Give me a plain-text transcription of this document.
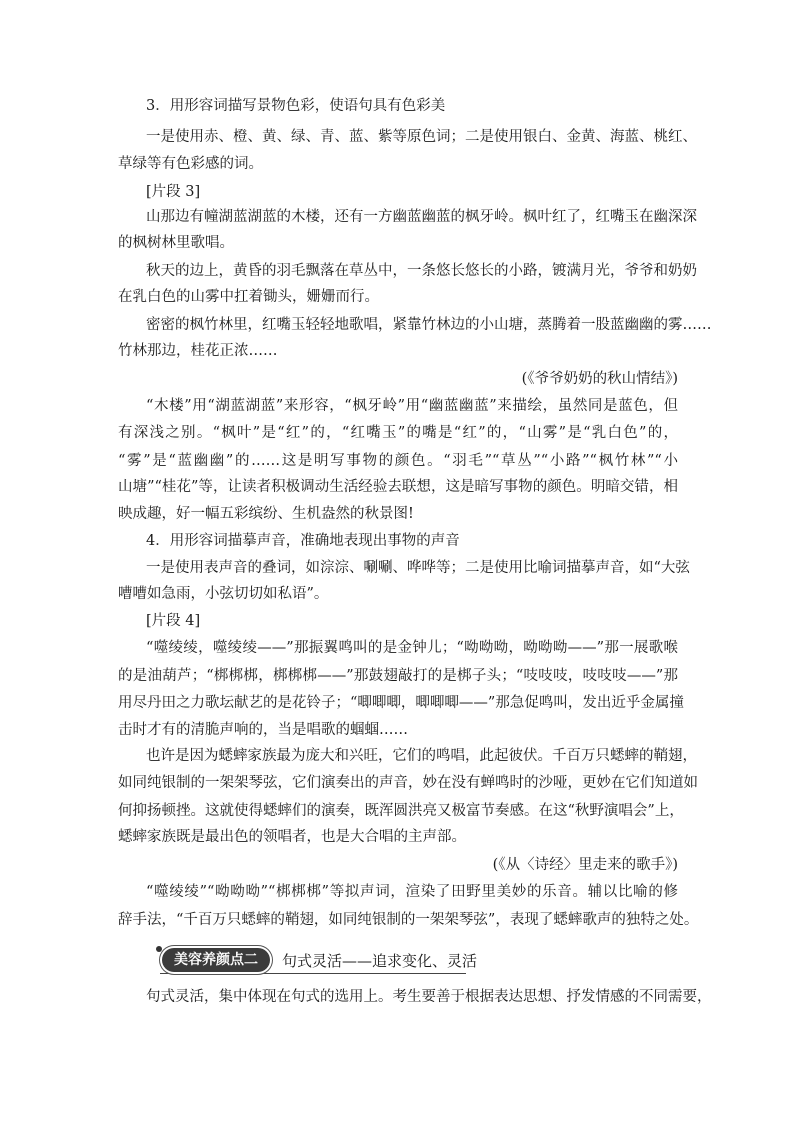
3．用形容词描写景物色彩，使语句具有色彩美
一是使用赤、橙、黄、绿、青、蓝、紫等原色词；二是使用银白、金黄、海蓝、桃红、
草绿等有色彩感的词。
[片段 3]
山那边有幢湖蓝湖蓝的木楼，还有一方幽蓝幽蓝的枫牙岭。枫叶红了，红嘴玉在幽深深
的枫树林里歌唱。
秋天的边上，黄昏的羽毛飘落在草丛中，一条悠长悠长的小路，镀满月光，爷爷和奶奶
在乳白色的山雾中扛着锄头，姗姗而行。
密密的枫竹林里，红嘴玉轻轻地歌唱，紧靠竹林边的小山塘，蒸腾着一股蓝幽幽的雾……
竹林那边，桂花正浓……
(《爷爷奶奶的秋山情结》)
“木楼”用“湖蓝湖蓝”来形容，“枫牙岭”用“幽蓝幽蓝”来描绘，虽然同是蓝色，但
有深浅之别。“枫叶”是“红”的，“红嘴玉”的嘴是“红”的，“山雾”是“乳白色”的，
“雾”是“蓝幽幽”的……这是明写事物的颜色。“羽毛”“草丛”“小路”“枫竹林”“小
山塘”“桂花”等，让读者积极调动生活经验去联想，这是暗写事物的颜色。明暗交错，相
映成趣，好一幅五彩缤纷、生机盎然的秋景图!
4．用形容词描摹声音，准确地表现出事物的声音
一是使用表声音的叠词，如淙淙、唰唰、哗哗等；二是使用比喻词描摹声音，如“大弦
嘈嘈如急雨，小弦切切如私语”。
[片段 4]
“噬绫绫，噬绫绫——”那振翼鸣叫的是金钟儿；“呦呦呦，呦呦呦——”那一展歌喉
的是油葫芦；“梆梆梆，梆梆梆——”那鼓翅敲打的是梆子头；“吱吱吱，吱吱吱——”那
用尽丹田之力歌坛献艺的是花铃子；“唧唧唧，唧唧唧——”那急促鸣叫，发出近乎金属撞
击时才有的清脆声响的，当是唱歌的蝈蝈……
也许是因为蟋蟀家族最为庞大和兴旺，它们的鸣唱，此起彼伏。千百万只蟋蟀的鞘翅，
如同纯银制的一架架琴弦，它们演奏出的声音，妙在没有蝉鸣时的沙哑，更妙在它们知道如
何抑扬顿挫。这就使得蟋蟀们的演奏，既浑圆洪亮又极富节奏感。在这“秋野演唱会”上，
蟋蟀家族既是最出色的领唱者，也是大合唱的主声部。
(《从〈诗经〉里走来的歌手》)
“噬绫绫”“呦呦呦”“梆梆梆”等拟声词，渲染了田野里美妙的乐音。辅以比喻的修
辞手法，“千百万只蟋蟀的鞘翅，如同纯银制的一架架琴弦”，表现了蟋蟀歌声的独特之处。
美容养颜点二	句式灵活——追求变化、灵活
句式灵活，集中体现在句式的选用上。考生要善于根据表达思想、抒发情感的不同需要，
